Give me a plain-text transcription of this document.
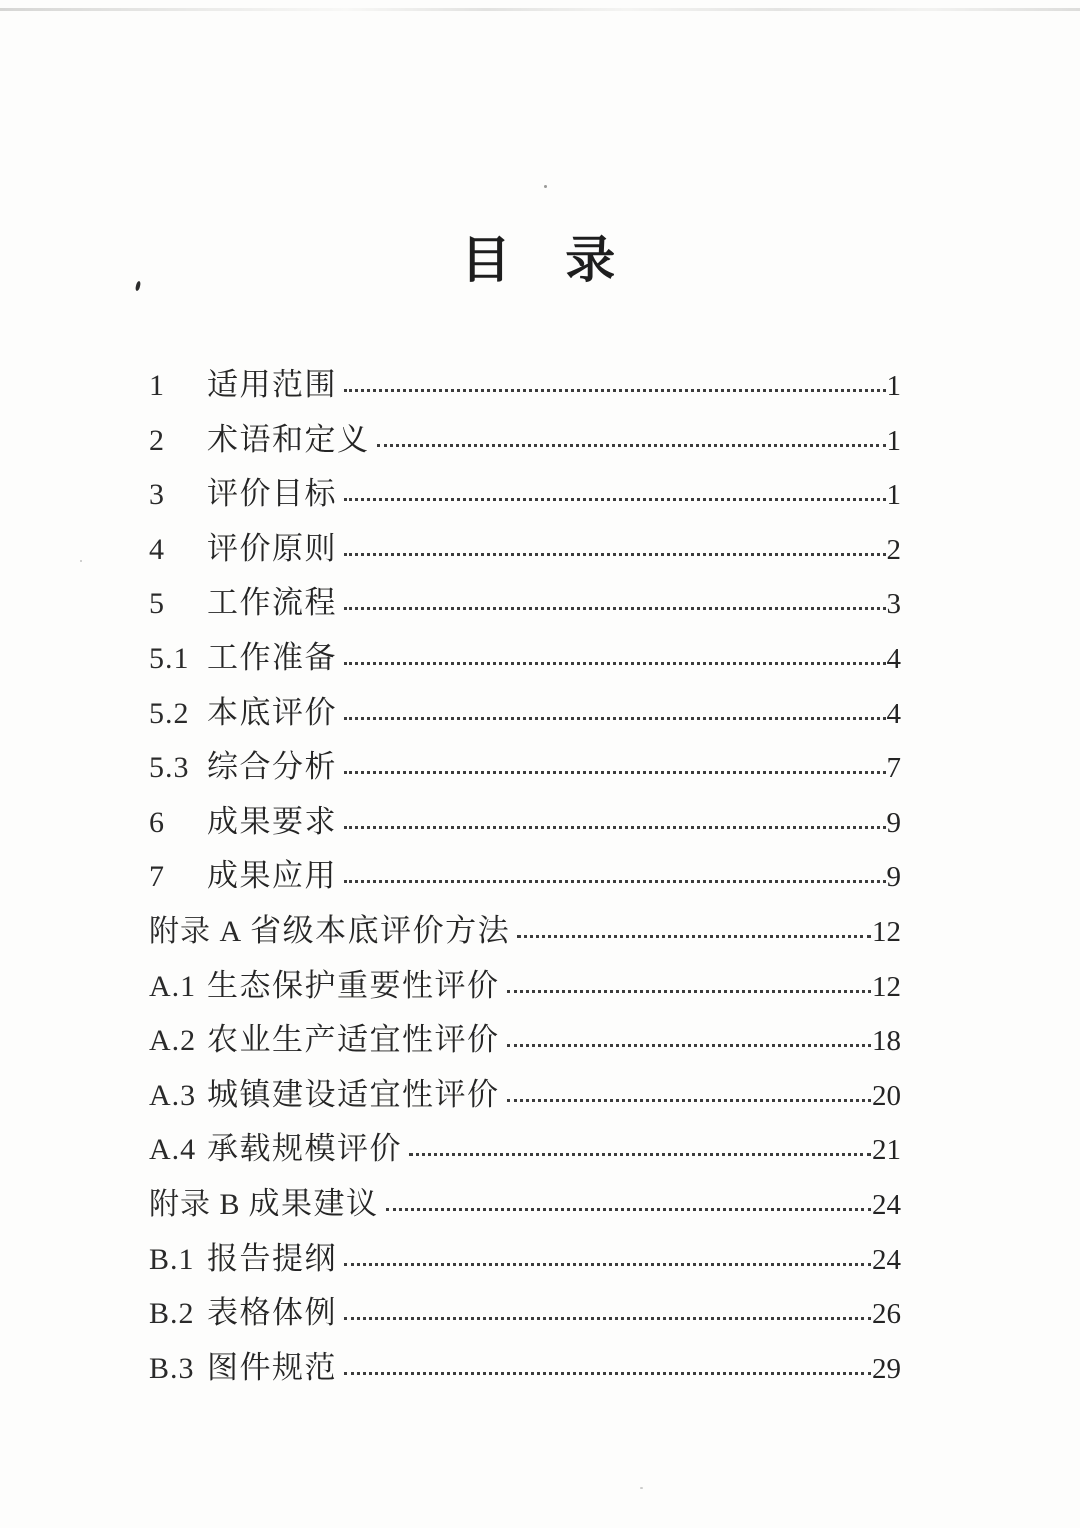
目 录
1	适用范围	1
2	术语和定义	1
3	评价目标	1
4	评价原则	2
5	工作流程	3
5.1 工作准备	4
5.2 本底评价	4
5.3 综合分析	7
6	成果要求	9
7	成果应用	9
附录 A 省级本底评价方法	12
A.1 生态保护重要性评价	12
A.2 农业生产适宜性评价	18
A.3 城镇建设适宜性评价	20
A.4 承载规模评价	21
附录 B 成果建议	24
B.1 报告提纲	24
B.2 表格体例	26
B.3 图件规范	29
